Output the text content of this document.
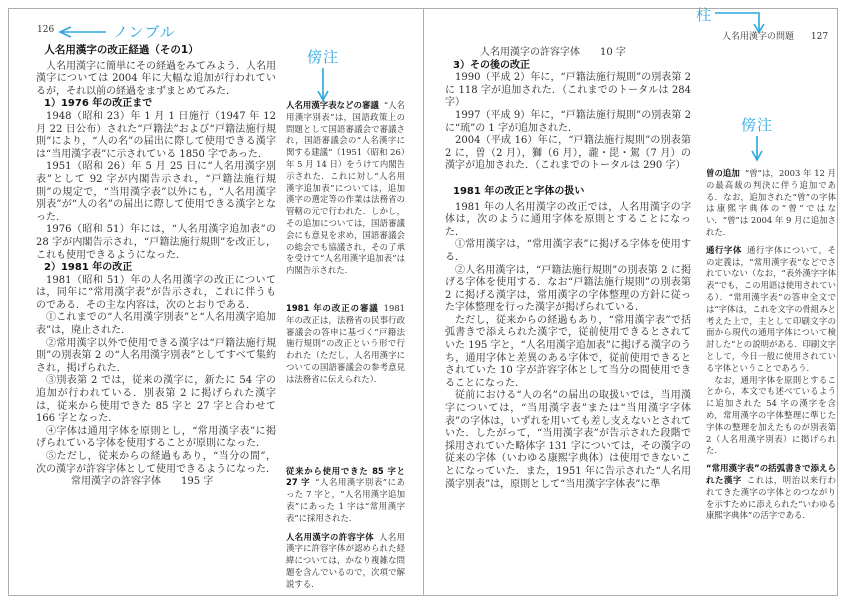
126	ノンブル
傍注
柱
傍注
人名用漢字の問題 127
人名用漢字の改正経過（その1）

人名用漢字に簡単にその経過をみてみよう．人名用漢字については 2004 年に大幅な追加が行われているが，それ以前の経過をまずまとめてみた．

1）1976 年の改正まで

1948（昭和 23）年 1 月 1 日施行（1947 年 12 月 22 日公布）された“戸籍法”および“戸籍法施行規則”により，“人の名”の届出に際して使用できる漢字は“当用漢字表”に示されている 1850 字であった．

1951（昭和 26）年 5 月 25 日に“人名用漢字別表”として 92 字が内閣告示され，“戸籍法施行規則”の規定で，“当用漢字表”以外にも，“人名用漢字別表”が“人の名”の届出に際して使用できる漢字となった．

1976（昭和 51）年には，“人名用漢字追加表”の 28 字が内閣告示され，“戸籍法施行規則”を改正し，これも使用できるようになった．

2）1981 年の改正

1981（昭和 51）年の人名用漢字の改正については，同年に“常用漢字表”が告示され，これに伴うものである．その主な内容は，次のとおりである．

①これまでの“人名用漢字別表”と“人名用漢字追加表”は，廃止された．

②常用漢字以外で使用できる漢字は“戸籍法施行規則”の別表第 2 の“人名用漢字別表”としてすべて集約され，掲げられた．

③別表第 2 では，従来の漢字に，新たに 54 字の追加が行われている．別表第 2 に掲げられた漢字は，従来から使用できた 85 字と 27 字と合わせて 166 字となった．

④字体は通用字体を原則とし，“常用漢字表”に掲げられている字体を使用することが原則になった．

⑤ただし，従来からの経過もあり，“当分の間”，次の漢字が許容字体として使用できるようになった．

常用漢字の許容字体　　195 字

人名用漢字表などの審議 “人名用漢字別表”は，国語政策上の問題として国語審議会で審議され，国語審議会の“人名漢字に関する建議”（1951（昭和 26）年 5 月 14 日）をうけて内閣告示された．これに対し“人名用漢字追加表”については，追加漢字の選定等の作業は法務省の管轄の元で行われた．しかし，その追加については，国語審議会にも意見を求め，国語審議会の総会でも協議され，その了承を受けて“人名用漢字追加表”は内閣告示された．

1981 年の改正の審議 1981 年の改正は，法務省の民事行政審議会の答申に基づく“戸籍法施行規則”の改正という形で行われた（ただし，人名用漢字についての国語審議会の参考意見は法務省に伝えられた）．

従来から使用できた 85 字と 27 字 “人名用漢字別表”にあった 7 字と，“人名用漢字追加表”にあった 1 字は“常用漢字表”に採用された．

人名用漢字の許容字体 人名用漢字に許容字体が認められた経緯については，かなり複雑な問題を含んでいるので，次項で解説する．

人名用漢字の許容字体　　10 字

3）その後の改正

1990（平成 2）年に，“戸籍法施行規則”の別表第 2 に 118 字が追加された．（これまでのトータルは 284 字）

1997（平成 9）年に，“戸籍法施行規則”の別表第 2 に“琉”の 1 字が追加された．

2004（平成 16）年に，“戸籍法施行規則”の別表第 2 に，曽（2 月），獅（6 月），瀧・毘・駕（7 月）の漢字が追加された．（これまでのトータルは 290 字）

1981 年の改正と字体の扱い

1981 年の人名用漢字の改正では，人名用漢字の字体は，次のように通用字体を原則とすることになった．

①常用漢字は，“常用漢字表”に掲げる字体を使用する．

②人名用漢字は，“戸籍法施行規則”の別表第 2 に掲げる字体を使用する．なお“戸籍法施行規則”の別表第 2 に掲げる漢字は，常用漢字の字体整理の方針に従った字体整理を行った漢字が掲げられている．

ただし，従来からの経過もあり，“常用漢字表”で括弧書きで添えられた漢字で，従前使用できるとされていた 195 字と，“人名用漢字追加表”に掲げる漢字のうち，通用字体と差異のある字体で，従前使用できるとされていた 10 字が許容字体として当分の間使用できることになった．

従前における“人の名”の届出の取扱いでは，当用漢字については，“当用漢字表”または“当用漢字字体表”の字体は，いずれを用いても差し支えないとされていた．したがって，“当用漢字表”が告示された段階で採用されていた略体字 131 字については，その漢字の従来の字体（いわゆる康熙字典体）は使用できないことになっていた．また，1951 年に告示された“人名用漢字別表”は，原則として“当用漢字字体表”に準

曽の追加 “曽”は，2003 年 12 月の最高裁の判決に伴う追加である．なお，追加された“曽”の字体は康熙字典体の“曾”ではない．“曾”は 2004 年 9 月に追加された．

通行字体 通行字体について，その定義は，“常用漢字表”などでされていない（なお，“表外漢字字体表”でも，この用語は使用されている）．“常用漢字表”の答申全文では“字体は，これを文字の骨組みと考えた上で，主として印刷文字の面から現代の通用字体について検討した”との説明がある．印刷文字として，今日一般に使用されている字体ということであろう．

なお，通用字体を原則とすることから，本文でも述べているように追加された 54 字の漢字を含め，常用漢字の字体整理に準じた字体の整理を加えたものが別表第 2（人名用漢字別表）に掲げられた．

“常用漢字表”の括弧書きで添えられた漢字 これは，明治以来行われてきた漢字の字体とのつながりを示すために添えられた“いわゆる康熙字典体”の活字である．
